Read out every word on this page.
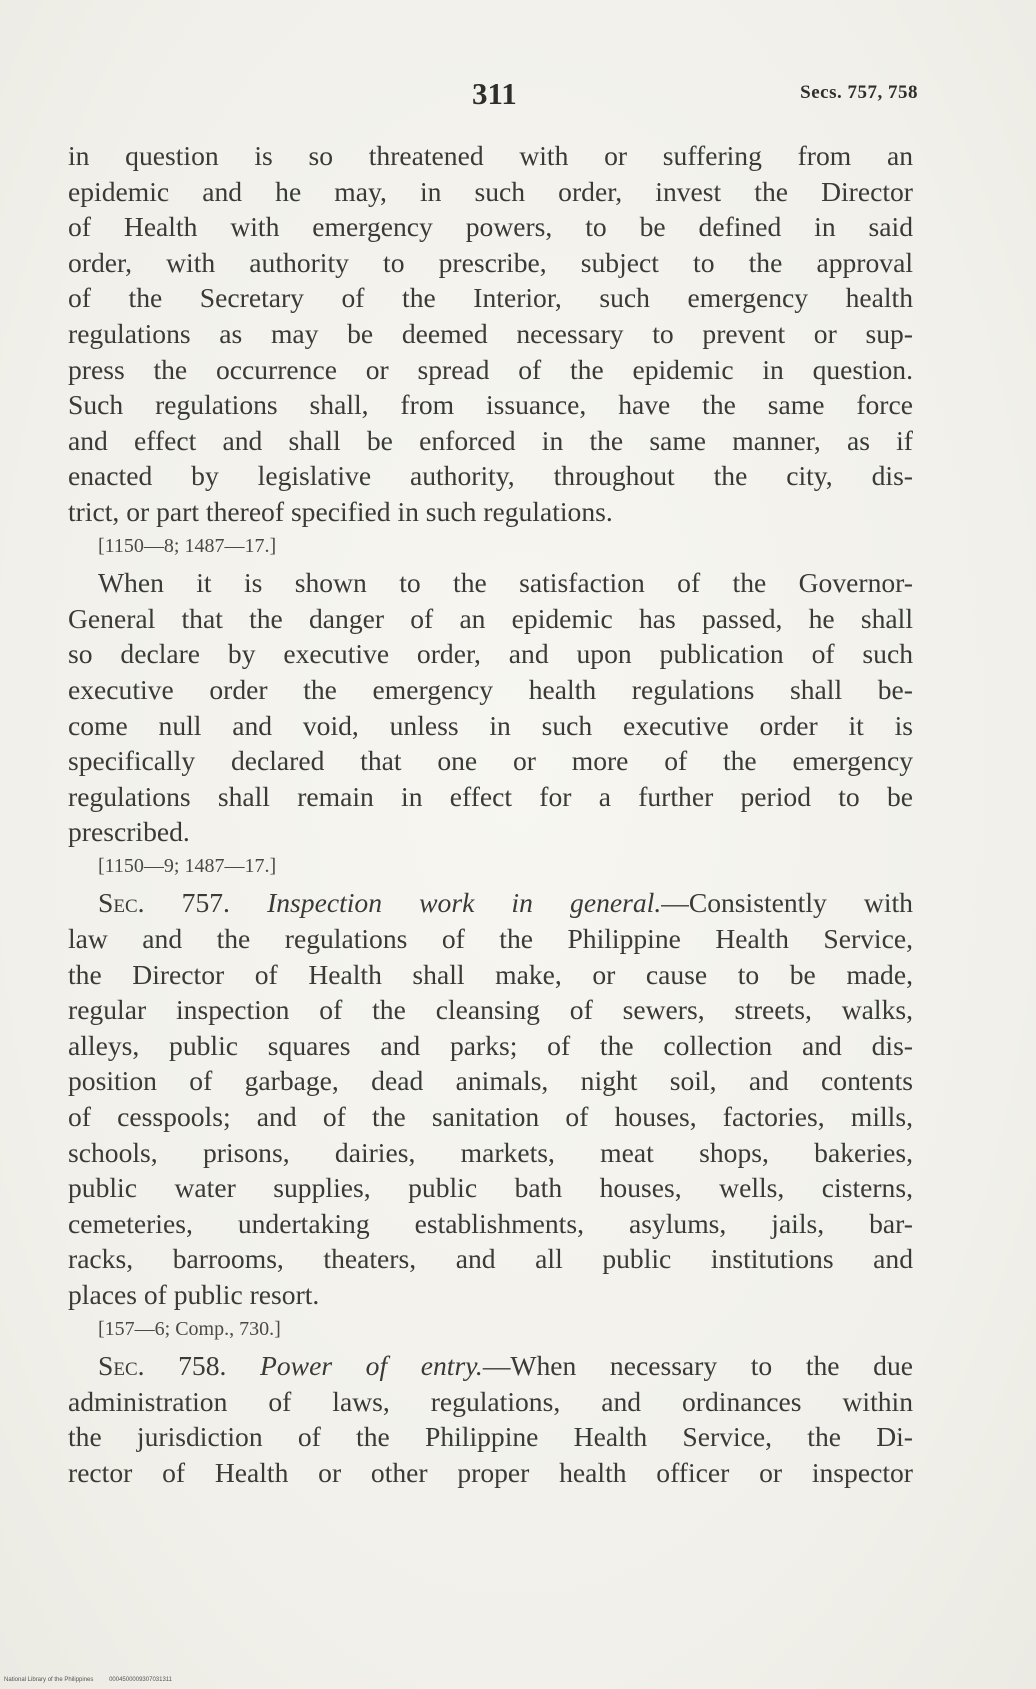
311	Secs. 757, 758
in question is so threatened with or suffering from an
epidemic and he may, in such order, invest the Director
of Health with emergency powers, to be defined in said
order, with authority to prescribe, subject to the approval
of the Secretary of the Interior, such emergency health
regulations as may be deemed necessary to prevent or sup-
press the occurrence or spread of the epidemic in question.
Such regulations shall, from issuance, have the same force
and effect and shall be enforced in the same manner, as if
enacted by legislative authority, throughout the city, dis-
trict, or part thereof specified in such regulations.
[1150—8; 1487—17.]
When it is shown to the satisfaction of the Governor-
General that the danger of an epidemic has passed, he shall
so declare by executive order, and upon publication of such
executive order the emergency health regulations shall be-
come null and void, unless in such executive order it is
specifically declared that one or more of the emergency
regulations shall remain in effect for a further period to be
prescribed.
[1150—9; 1487—17.]
Sec. 757. Inspection work in general.—Consistently with
law and the regulations of the Philippine Health Service,
the Director of Health shall make, or cause to be made,
regular inspection of the cleansing of sewers, streets, walks,
alleys, public squares and parks; of the collection and dis-
position of garbage, dead animals, night soil, and contents
of cesspools; and of the sanitation of houses, factories, mills,
schools, prisons, dairies, markets, meat shops, bakeries,
public water supplies, public bath houses, wells, cisterns,
cemeteries, undertaking establishments, asylums, jails, bar-
racks, barrooms, theaters, and all public institutions and
places of public resort.
[157—6; Comp., 730.]
Sec. 758. Power of entry.—When necessary to the due
administration of laws, regulations, and ordinances within
the jurisdiction of the Philippine Health Service, the Di-
rector of Health or other proper health officer or inspector
National Library of the Philippines	0004500009307031311
